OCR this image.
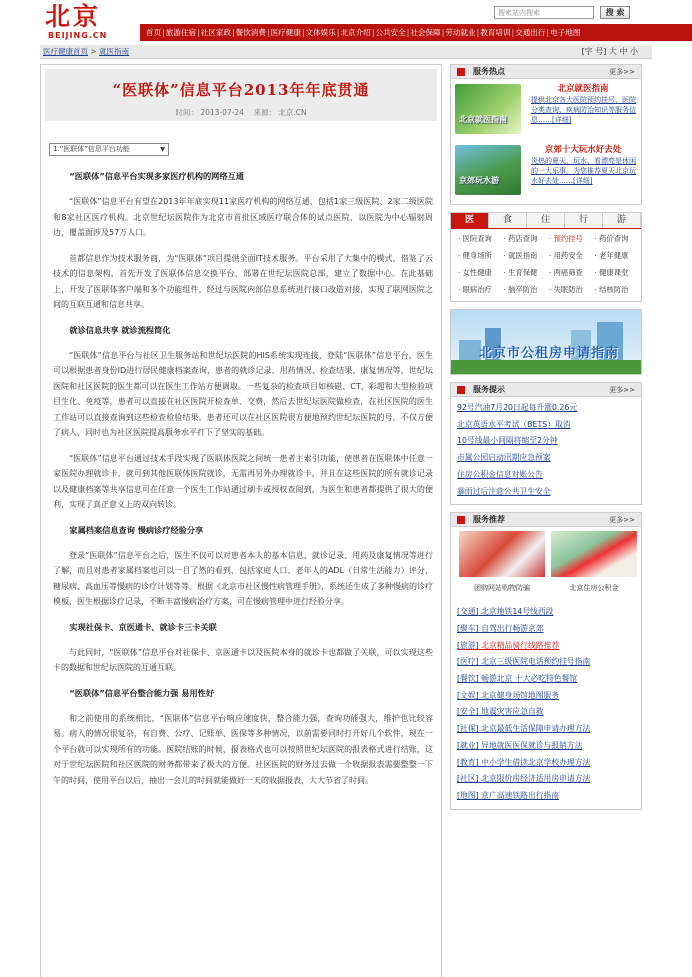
北京
BEIJING.CN
搜索站内搜索	搜 索
首页 | 旅游住宿 | 社区家政 | 餐饮消费 | 医疗健康 | 文体娱乐 | 北京介绍 | 公共安全 | 社会保障 | 劳动就业 | 教育培训 | 交通出行 | 电子地图
医疗健康首页 > 就医指南	[字 号] 大 中 小
“医联体”信息平台2013年年底贯通
时间： 2013-07-24 来源： 北京.CN
1.“医联体”信息平台功能	▼
“医联体”信息平台实现多家医疗机构的网络互通

“医联体”信息平台有望在2013年年底实现11家医疗机构的网络互通，包括1家三级医院、2家二级医院和8家社区医疗机构。北京世纪坛医院作为北京市首批区域医疗联合体的试点医院，以医院为中心辐射周边，覆盖面涉及57万人口。

首都信息作为技术服务商，为“医联体”项目提供全面IT技术服务。平台采用了大集中的模式，借鉴了云技术的信息架构，首先开发了医联体信息交换平台，部署在世纪坛医院总部，建立了数据中心。在此基础上，开发了医联体客户端和多个功能组件，经过与医院内部信息系统进行接口改造对接，实现了联网医院之间的互联互通和信息共享。

就诊信息共享 就诊流程简化

“医联体”信息平台与社区卫生服务站和世纪坛医院的HIS系统实现连接，登陆“医联体”信息平台，医生可以根据患者身份ID进行居民健康档案查询，患者的就诊记录、用药情况、检查结果、康复情况等，世纪坛医院和社区医院的医生都可以在医生工作站方便调取。一些复杂的检查项目如核磁、CT、彩超和大型检验项目生化、免疫等，患者可以直接在社区医院开检查单、交费，然后去世纪坛医院做检查，在社区医院的医生工作站可以直接查询到这些检查检验结果。患者还可以在社区医院很方便地预约世纪坛医院的号，不仅方便了病人，同时也为社区医院提高服务水平打下了坚实的基础。

“医联体”信息平台通过技术手段实现了医联体医院之间统一患者主索引功能，使患者在医联体中任意一家医院办理就诊卡，就可到其他医联体医院就诊，无需再另外办理就诊卡，并且在这些医院的所有就诊记录以及健康档案等共享信息可在任意一个医生工作站通过刷卡或授权查阅到，为医生和患者都提供了很大的便利，实现了真正意义上的双向转诊。

家属档案信息查询 慢病诊疗经验分享

登录“医联体”信息平台之后，医生不仅可以对患者本人的基本信息、就诊记录、用药及康复情况等进行了解，而且对患者家属档案也可以一目了然的看到，包括家庭人口、老年人的ADL（日常生活能力）评分，糖尿病、高血压等慢病的诊疗计划等等。根据《北京市社区慢性病管理手册》，系统还生成了多种慢病的诊疗模板，医生根据诊疗记录，不断丰富慢病治疗方案，可在慢病管理中进行经验分享。

实现社保卡、京医通卡、就诊卡三卡关联

与此同时，“医联体”信息平台对社保卡、京医通卡以及医院本身的就诊卡也都做了关联，可以实现这些卡的数据和世纪坛医院的互通互联。

“医联体”信息平台整合能力强 易用性好

和之前使用的系统相比，“医联体”信息平台响应速度快，整合能力强，查询功能强大，维护也比较容易。病人的情况很复杂，有自费、公疗、记账单、医保等多种情况，以前需要同时打开好几个软件，现在一个平台就可以实现所有的功能。医院结账的时候，报表格式也可以按照世纪坛医院的报表格式进行结账，这对于世纪坛医院和社区医院的财务都带来了极大的方便。社区医院的财务过去做一个收据报表需要整整一下午的时间，使用平台以后，抽出一会儿的时间就能做好一天的收据报表，大大节省了时间。

服务热点	更多>>
北京就医指南
北京就医指南
提供北京各大医院预约挂号、医院分类查询、疾病防治知识等服务信息……[详细]
京郊玩水游
京郊十大玩水好去处
炎热的夏天，玩水、看漂亮是休闲的一大乐事。为您推荐夏天北京玩水好去处……[详细]
医	食	住	行	游
· 医院查询	· 药店查询	· 预约挂号	· 药价查询
· 健身场所	· 就医指南	· 用药安全	· 老年健康
· 女性健康	· 生育保健	· 两癌筛查	· 健康课堂
· 眼病治疗	· 脑卒防治	· 失眠防治	· 结核防治
北京市公租房申请指南
服务提示	更多>>
92号汽油7月20日起每升涨0.26元
北京英语水平考试（BETS）取消
10号线最小间隔将缩至2分钟
市属公园启动汛期应急预案
住房公积金信息对账公告
暴雨过后注意公共卫生安全
服务推荐	更多>>
团购网站购物防骗	北京住房公积金
[交通] 北京地铁14号线西段
[聚车] 自驾出行畅游京郊
[旅游] 北京精品骑行线路推荐
[医疗] 北京三级医院电话预约挂号指南
[餐饮] 畅游北京 十大必吃特色餐馆
[文娱] 北京健身场馆地图服务
[安全] 地震灾害应急自救
[社保] 北京最低生活保障申请办理方法
[就业] 异地就医医保就诊与报销方法
[教育] 中小学生借读北京学校办理方法
[社区] 北京限价房经济适用房申请方法
[地图] 京广高速铁路出行指南
